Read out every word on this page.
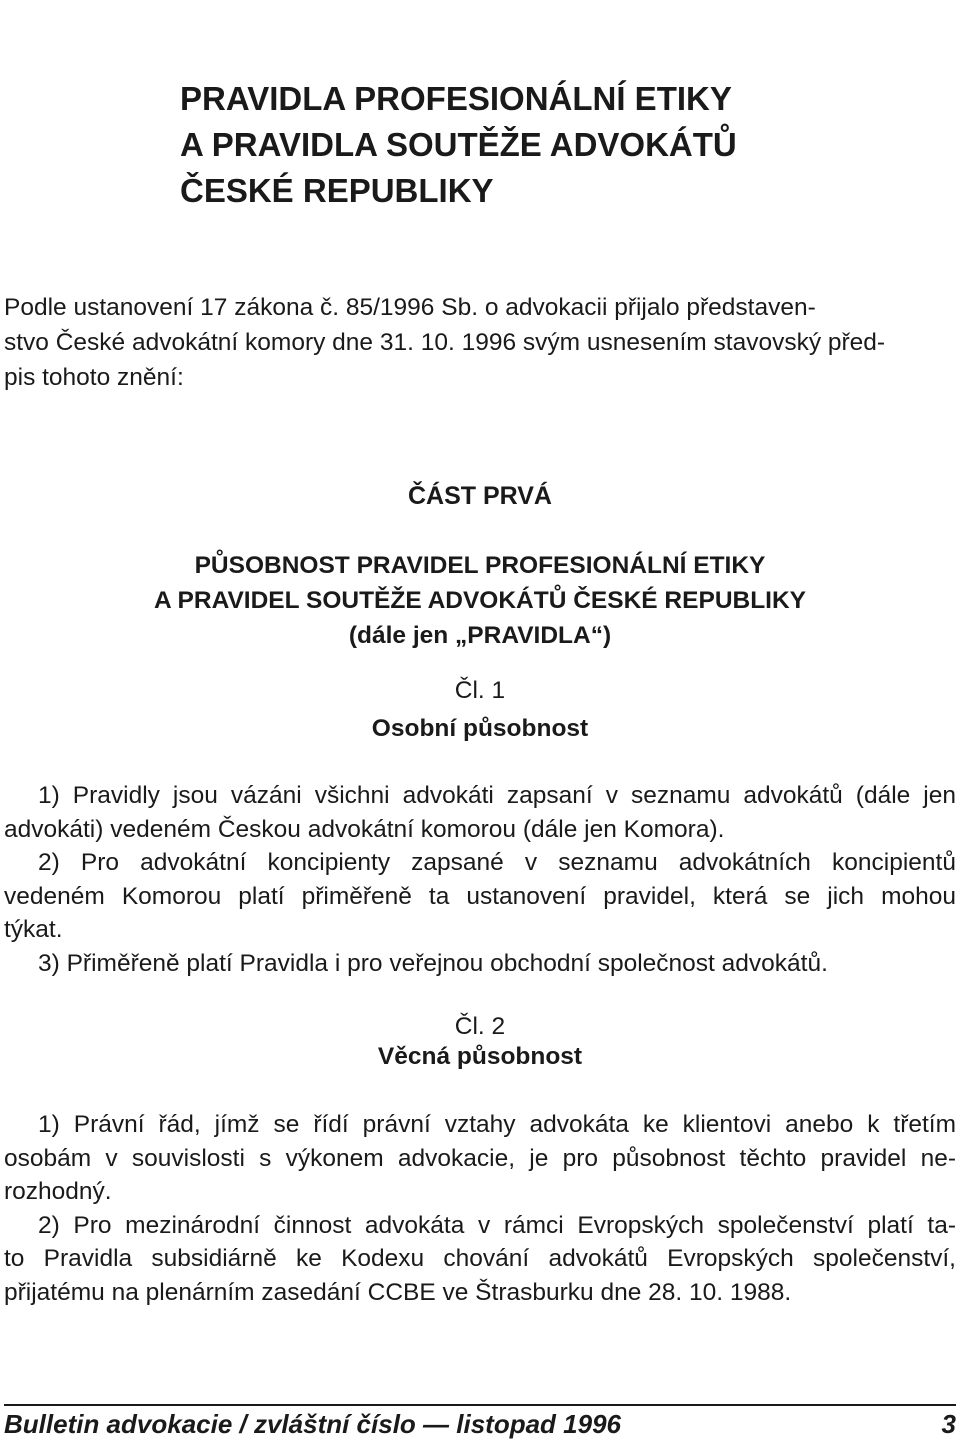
PRAVIDLA PROFESIONÁLNÍ ETIKY
A PRAVIDLA SOUTĚŽE ADVOKÁTŮ
ČESKÉ REPUBLIKY
Podle ustanovení 17 zákona č. 85/1996 Sb. o advokacii přijalo představen-
stvo České advokátní komory dne 31. 10. 1996 svým usnesením stavovský před-
pis tohoto znění:
ČÁST PRVÁ
PŮSOBNOST PRAVIDEL PROFESIONÁLNÍ ETIKY
A PRAVIDEL SOUTĚŽE ADVOKÁTŮ ČESKÉ REPUBLIKY
(dále jen „PRAVIDLA“)
Čl. 1
Osobní působnost
1) Pravidly jsou vázáni všichni advokáti zapsaní v seznamu advokátů (dále jen
advokáti) vedeném Českou advokátní komorou (dále jen Komora).
2) Pro advokátní koncipienty zapsané v seznamu advokátních koncipientů
vedeném Komorou platí přiměřeně ta ustanovení pravidel, která se jich mohou
týkat.
3) Přiměřeně platí Pravidla i pro veřejnou obchodní společnost advokátů.
Čl. 2
Věcná působnost
1) Právní řád, jímž se řídí právní vztahy advokáta ke klientovi anebo k třetím
osobám v souvislosti s výkonem advokacie, je pro působnost těchto pravidel ne-
rozhodný.
2) Pro mezinárodní činnost advokáta v rámci Evropských společenství platí ta-
to Pravidla subsidiárně ke Kodexu chování advokátů Evropských společenství,
přijatému na plenárním zasedání CCBE ve Štrasburku dne 28. 10. 1988.
Bulletin advokacie / zvláštní číslo — listopad 1996	3
